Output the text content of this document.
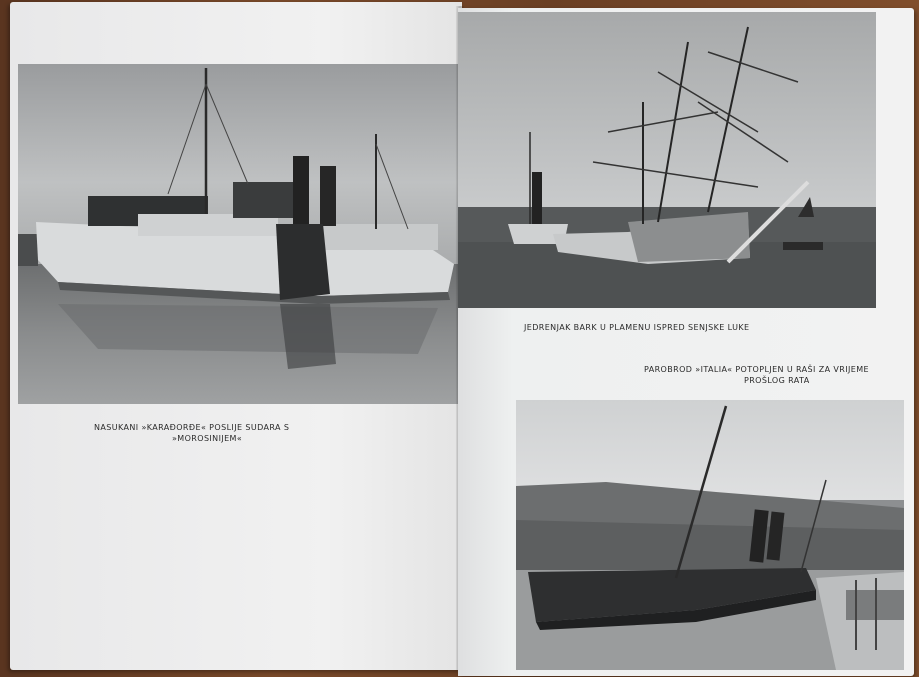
NASUKANI »KARAĐORĐE« POSLIJE SUDARA S
»MOROSINIJEM«
JEDRENJAK BARK U PLAMENU ISPRED SENJSKE LUKE
PAROBROD »ITALIA« POTOPLJEN U RAŠI ZA VRIJEME
PROŠLOG RATA
